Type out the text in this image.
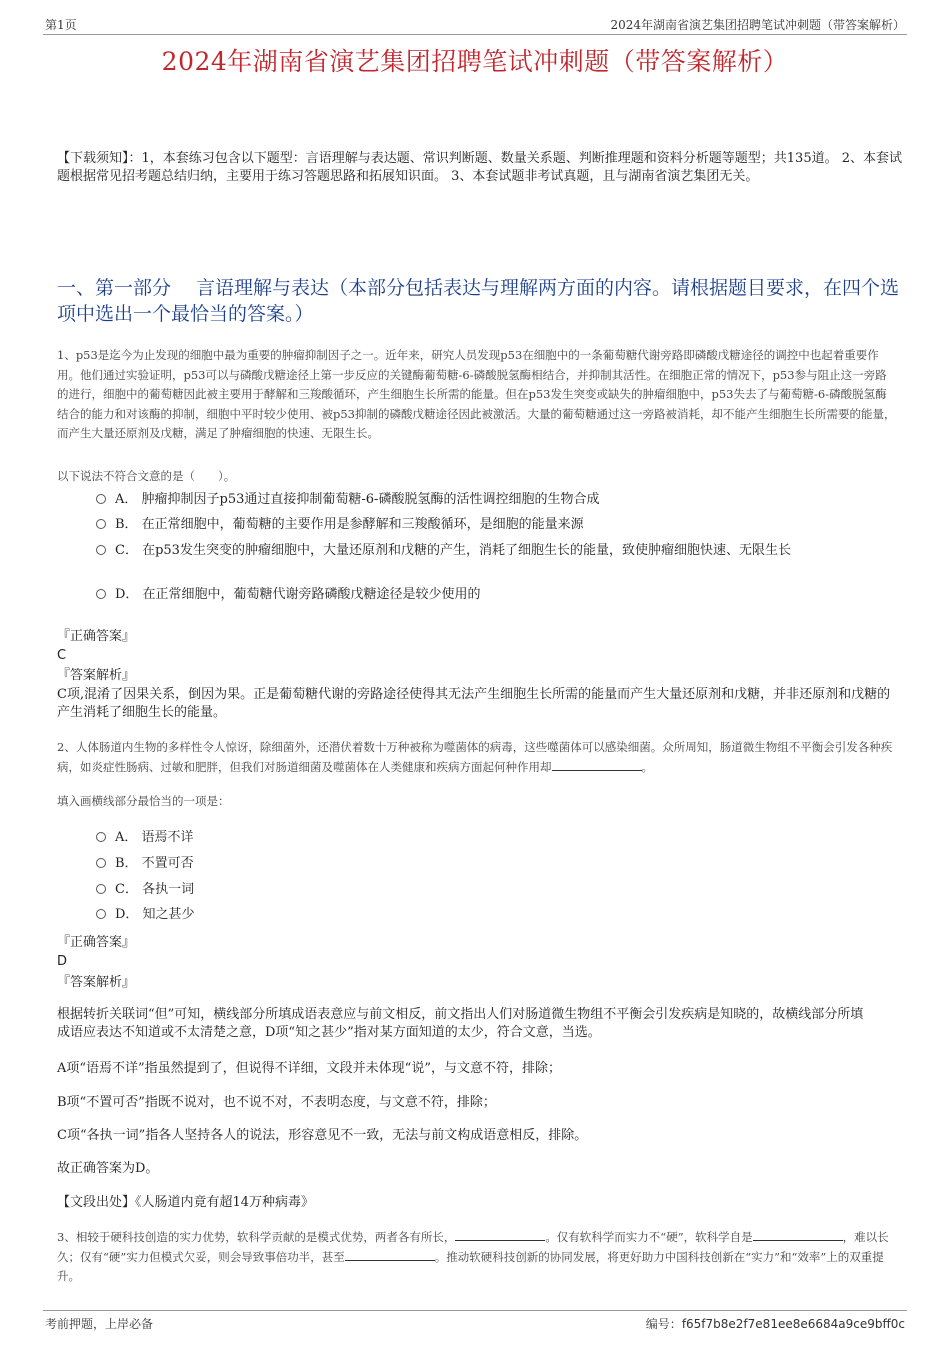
第1页	2024年湖南省演艺集团招聘笔试冲刺题（带答案解析）
2024年湖南省演艺集团招聘笔试冲刺题（带答案解析）
【下载须知】：1，本套练习包含以下题型：言语理解与表达题、常识判断题、数量关系题、判断推理题和资料分析题等题型；共135道。 2、本套试题根据常见招考题总结归纳，主要用于练习答题思路和拓展知识面。 3、本套试题非考试真题，且与湖南省演艺集团无关。
一、第一部分　 言语理解与表达（本部分包括表达与理解两方面的内容。请根据题目要求，在四个选项中选出一个最恰当的答案。）
1、p53是迄今为止发现的细胞中最为重要的肿瘤抑制因子之一。近年来，研究人员发现p53在细胞中的一条葡萄糖代谢旁路即磷酸戊糖途径的调控中也起着重要作用。他们通过实验证明，p53可以与磷酸戊糖途径上第一步反应的关键酶葡萄糖-6-磷酸脱氢酶相结合，并抑制其活性。在细胞正常的情况下，p53参与阻止这一旁路的进行，细胞中的葡萄糖因此被主要用于酵解和三羧酸循环，产生细胞生长所需的能量。但在p53发生突变或缺失的肿瘤细胞中，p53失去了与葡萄糖-6-磷酸脱氢酶结合的能力和对该酶的抑制，细胞中平时较少使用、被p53抑制的磷酸戊糖途径因此被激活。大量的葡萄糖通过这一旁路被消耗，却不能产生细胞生长所需要的能量，而产生大量还原剂及戊糖，满足了肿瘤细胞的快速、无限生长。
以下说法不符合文意的是（　　）。
A． 肿瘤抑制因子p53通过直接抑制葡萄糖-6-磷酸脱氢酶的活性调控细胞的生物合成
B． 在正常细胞中，葡萄糖的主要作用是参酵解和三羧酸循环，是细胞的能量来源
C． 在p53发生突变的肿瘤细胞中，大量还原剂和戊糖的产生，消耗了细胞生长的能量，致使肿瘤细胞快速、无限生长
D． 在正常细胞中，葡萄糖代谢旁路磷酸戊糖途径是较少使用的
『正确答案』
C
『答案解析』
C项,混淆了因果关系，倒因为果。正是葡萄糖代谢的旁路途径使得其无法产生细胞生长所需的能量而产生大量还原剂和戊糖，并非还原剂和戊糖的产生消耗了细胞生长的能量。
2、人体肠道内生物的多样性令人惊讶，除细菌外，还潜伏着数十万种被称为噬菌体的病毒，这些噬菌体可以感染细菌。众所周知，肠道微生物组不平衡会引发各种疾病，如炎症性肠病、过敏和肥胖，但我们对肠道细菌及噬菌体在人类健康和疾病方面起何种作用却	。
填入画横线部分最恰当的一项是：
A． 语焉不详
B． 不置可否
C． 各执一词
D． 知之甚少
『正确答案』
D
『答案解析』
根据转折关联词“但”可知，横线部分所填成语表意应与前文相反，前文指出人们对肠道微生物组不平衡会引发疾病是知晓的，故横线部分所填成语应表达不知道或不太清楚之意，D项“知之甚少”指对某方面知道的太少，符合文意，当选。
A项“语焉不详”指虽然提到了，但说得不详细，文段并未体现“说”，与文意不符，排除；
B项“不置可否”指既不说对，也不说不对，不表明态度，与文意不符，排除；
C项“各执一词”指各人坚持各人的说法，形容意见不一致，无法与前文构成语意相反，排除。
故正确答案为D。
【文段出处】《人肠道内竟有超14万种病毒》
3、相较于硬科技创造的实力优势，软科学贡献的是模式优势，两者各有所长，	。仅有软科学而实力不“硬”，软科学自是	，难以长久；仅有“硬”实力但模式欠妥，则会导致事倍功半，甚至	。推动软硬科技创新的协同发展，将更好助力中国科技创新在“实力”和“效率”上的双重提升。
考前押题，上岸必备	编号：f65f7b8e2f7e81ee8e6684a9ce9bff0c
